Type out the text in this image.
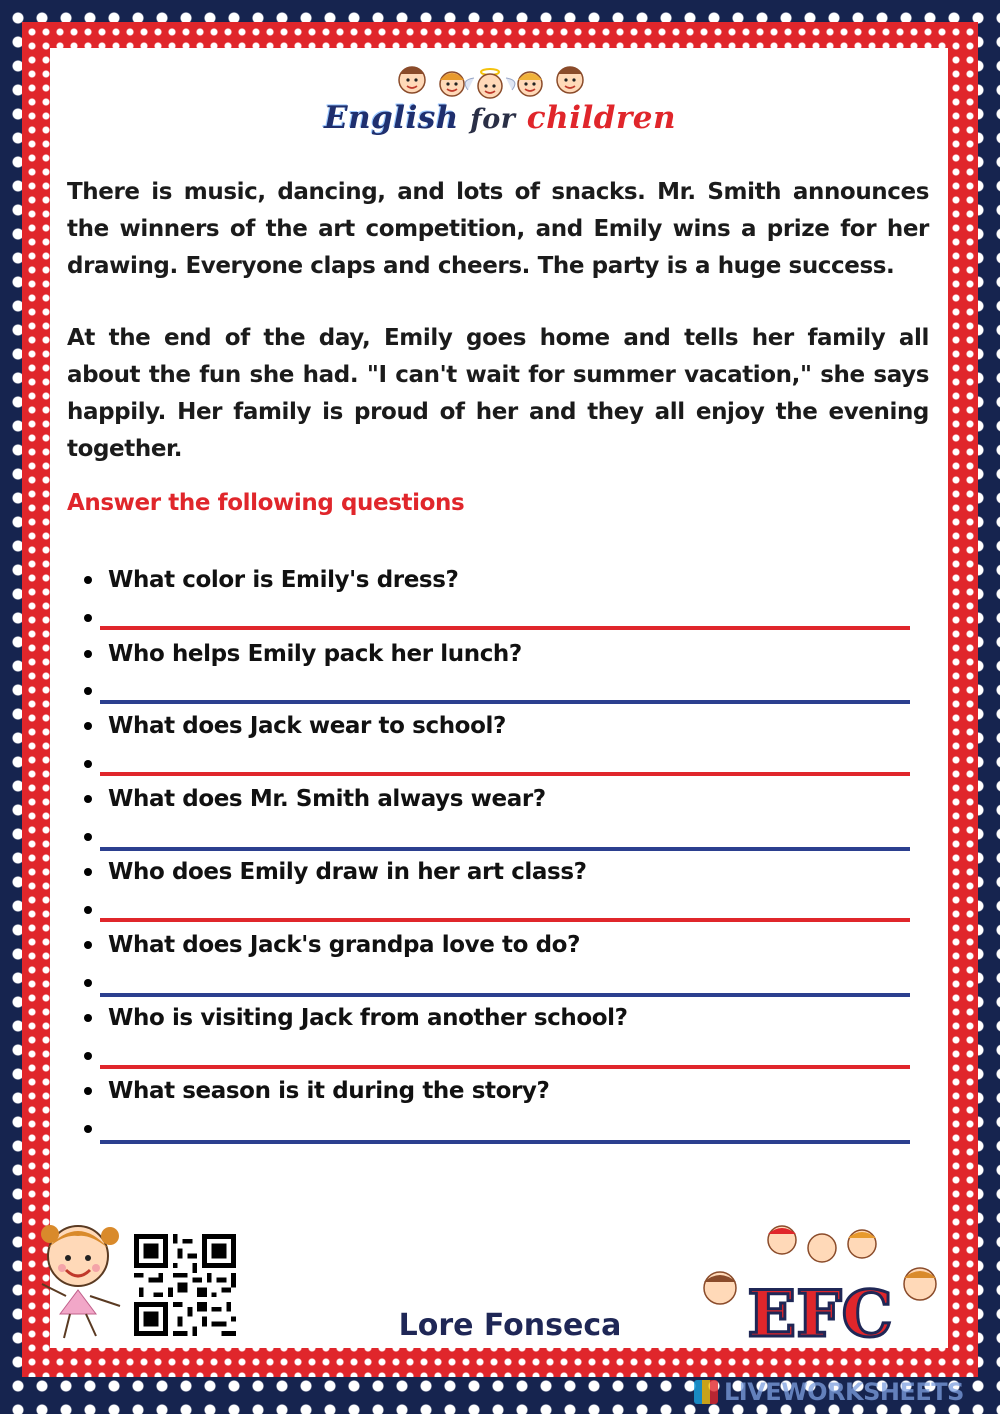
English for children

There is music, dancing, and lots of snacks. Mr. Smith announces the winners of the art competition, and Emily wins a prize for her drawing. Everyone claps and cheers. The party is a huge success.

At the end of the day, Emily goes home and tells her family all about the fun she had. "I can't wait for summer vacation," she says happily. Her family is proud of her and they all enjoy the evening together.

Answer the following questions
What color is Emily's dress?
Who helps Emily pack her lunch?
What does Jack wear to school?
What does Mr. Smith always wear?
Who does Emily draw in her art class?
What does Jack's grandpa love to do?
Who is visiting Jack from another school?
What season is it during the story?
Lore Fonseca	EFC
LIVEWORKSHEETS
